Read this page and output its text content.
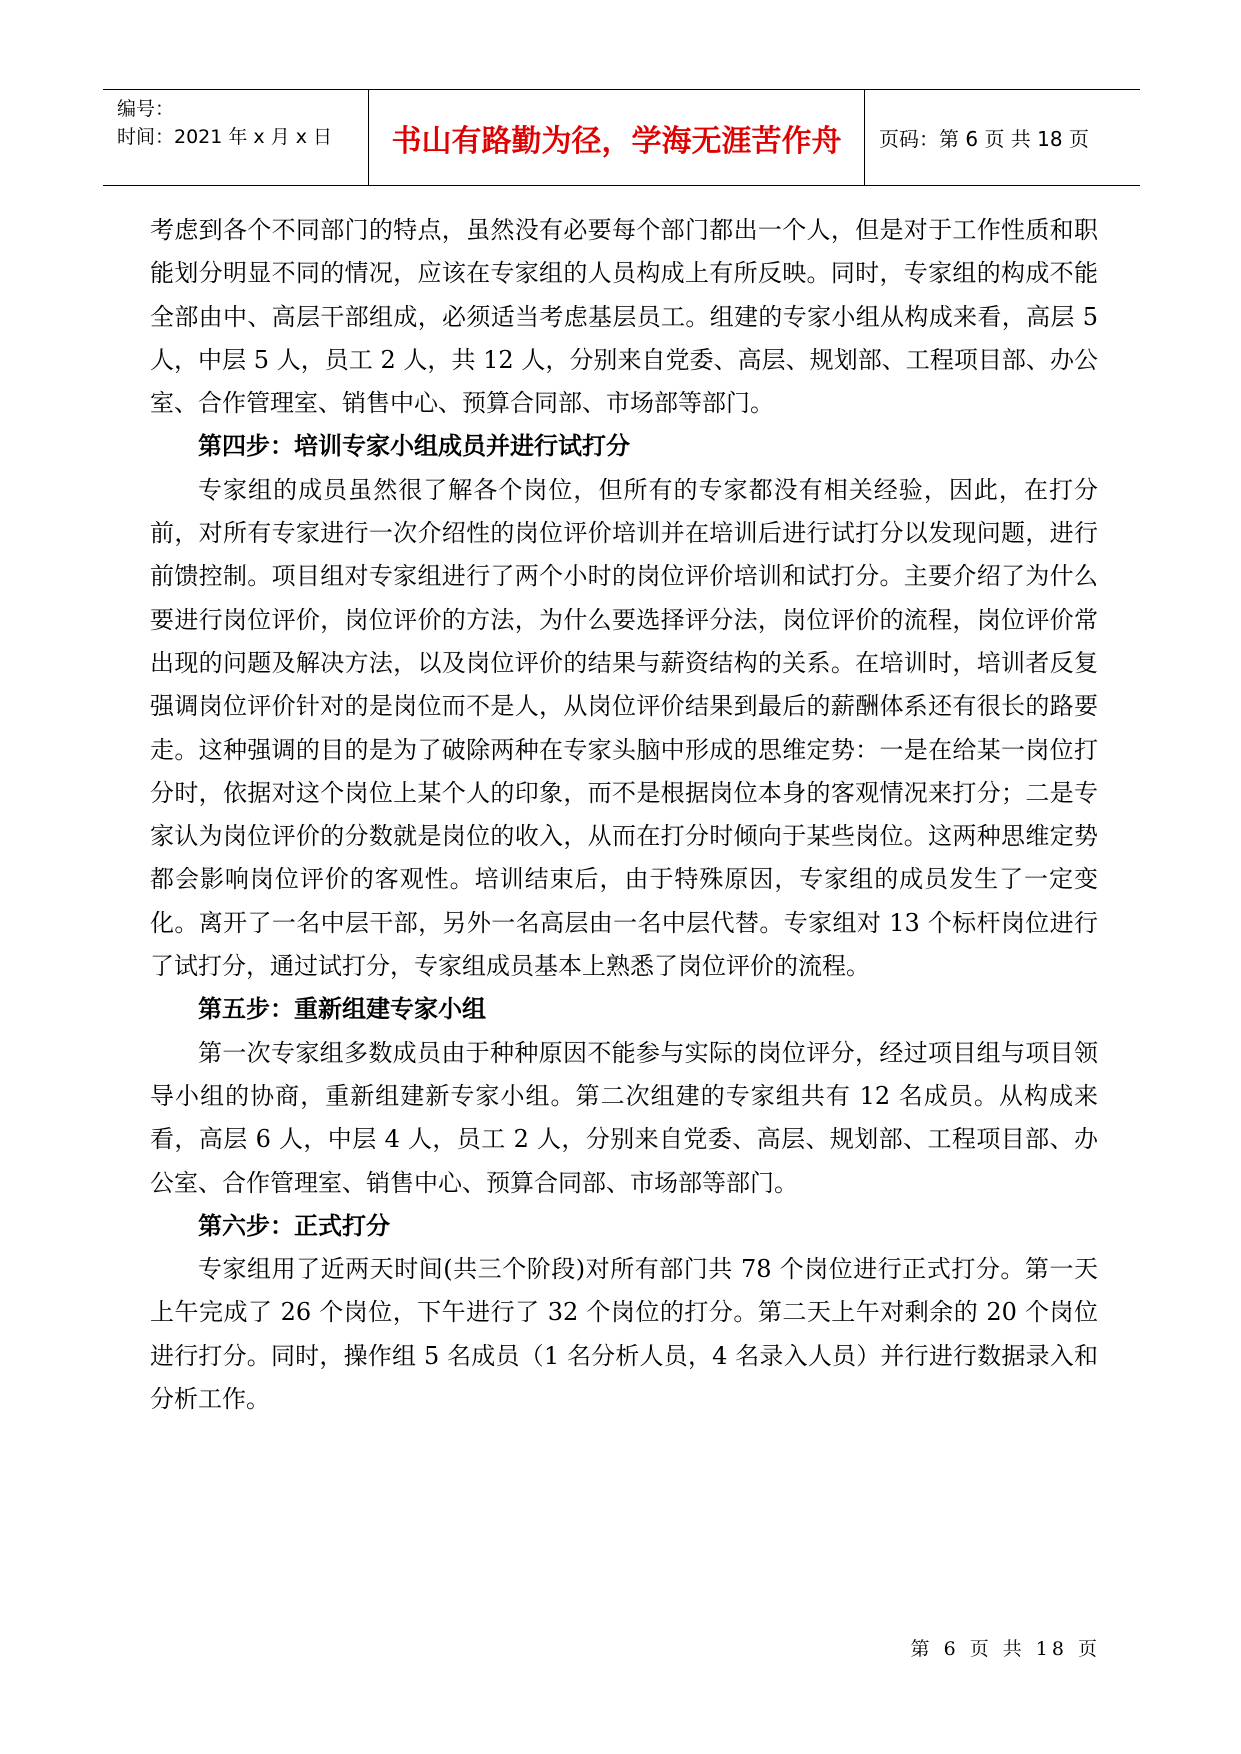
编号：
时间：2021 年 x 月 x 日	书山有路勤为径，学海无涯苦作舟	页码：第 6 页 共 18 页

考虑到各个不同部门的特点，虽然没有必要每个部门都出一个人，但是对于工作性质和职能划分明显不同的情况，应该在专家组的人员构成上有所反映。同时，专家组的构成不能全部由中、高层干部组成，必须适当考虑基层员工。组建的专家小组从构成来看，高层 5 人，中层 5 人，员工 2 人，共 12 人，分别来自党委、高层、规划部、工程项目部、办公室、合作管理室、销售中心、预算合同部、市场部等部门。

第四步：培训专家小组成员并进行试打分

专家组的成员虽然很了解各个岗位，但所有的专家都没有相关经验，因此，在打分前，对所有专家进行一次介绍性的岗位评价培训并在培训后进行试打分以发现问题，进行前馈控制。项目组对专家组进行了两个小时的岗位评价培训和试打分。主要介绍了为什么要进行岗位评价，岗位评价的方法，为什么要选择评分法，岗位评价的流程，岗位评价常出现的问题及解决方法，以及岗位评价的结果与薪资结构的关系。在培训时，培训者反复强调岗位评价针对的是岗位而不是人，从岗位评价结果到最后的薪酬体系还有很长的路要走。这种强调的目的是为了破除两种在专家头脑中形成的思维定势：一是在给某一岗位打分时，依据对这个岗位上某个人的印象，而不是根据岗位本身的客观情况来打分；二是专家认为岗位评价的分数就是岗位的收入，从而在打分时倾向于某些岗位。这两种思维定势都会影响岗位评价的客观性。培训结束后，由于特殊原因，专家组的成员发生了一定变化。离开了一名中层干部，另外一名高层由一名中层代替。专家组对 13 个标杆岗位进行了试打分，通过试打分，专家组成员基本上熟悉了岗位评价的流程。

第五步：重新组建专家小组

第一次专家组多数成员由于种种原因不能参与实际的岗位评分，经过项目组与项目领导小组的协商，重新组建新专家小组。第二次组建的专家组共有 12 名成员。从构成来看，高层 6 人，中层 4 人，员工 2 人，分别来自党委、高层、规划部、工程项目部、办公室、合作管理室、销售中心、预算合同部、市场部等部门。

第六步：正式打分

专家组用了近两天时间(共三个阶段)对所有部门共 78 个岗位进行正式打分。第一天上午完成了 26 个岗位，下午进行了 32 个岗位的打分。第二天上午对剩余的 20 个岗位进行打分。同时，操作组 5 名成员（1 名分析人员，4 名录入人员）并行进行数据录入和分析工作。

第 6 页 共 18 页
